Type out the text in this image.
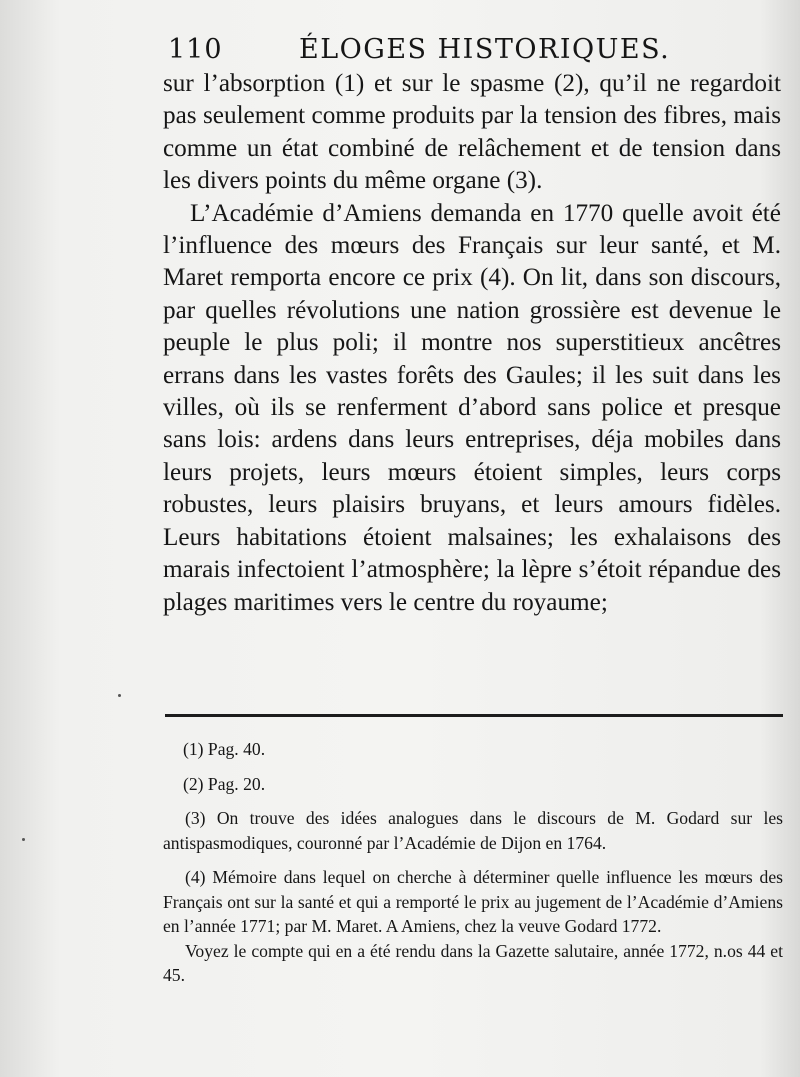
110	ÉLOGES HISTORIQUES.

sur l’absorption (1) et sur le spasme (2), qu’il ne regardoit pas seulement comme produits par la tension des fibres, mais comme un état combiné de relâchement et de tension dans les divers points du même organe (3).

L’Académie d’Amiens demanda en 1770 quelle avoit été l’influence des mœurs des Français sur leur santé, et M. Maret remporta encore ce prix (4). On lit, dans son discours, par quelles révolutions une nation grossière est devenue le peuple le plus poli; il montre nos superstitieux ancêtres errans dans les vastes forêts des Gaules; il les suit dans les villes, où ils se renferment d’abord sans police et presque sans lois: ardens dans leurs entreprises, déja mobiles dans leurs projets, leurs mœurs étoient simples, leurs corps robustes, leurs plaisirs bruyans, et leurs amours fidèles. Leurs habitations étoient malsaines; les exhalaisons des marais infectoient l’atmosphère; la lèpre s’étoit répandue des plages maritimes vers le centre du royaume;

(1) Pag. 40.

(2) Pag. 20.

(3) On trouve des idées analogues dans le discours de M. Godard sur les antispasmodiques, couronné par l’Académie de Dijon en 1764.

(4) Mémoire dans lequel on cherche à déterminer quelle influence les mœurs des Français ont sur la santé et qui a remporté le prix au jugement de l’Académie d’Amiens en l’année 1771; par M. Maret. A Amiens, chez la veuve Godard 1772.

Voyez le compte qui en a été rendu dans la Gazette salutaire, année 1772, n.os 44 et 45.
